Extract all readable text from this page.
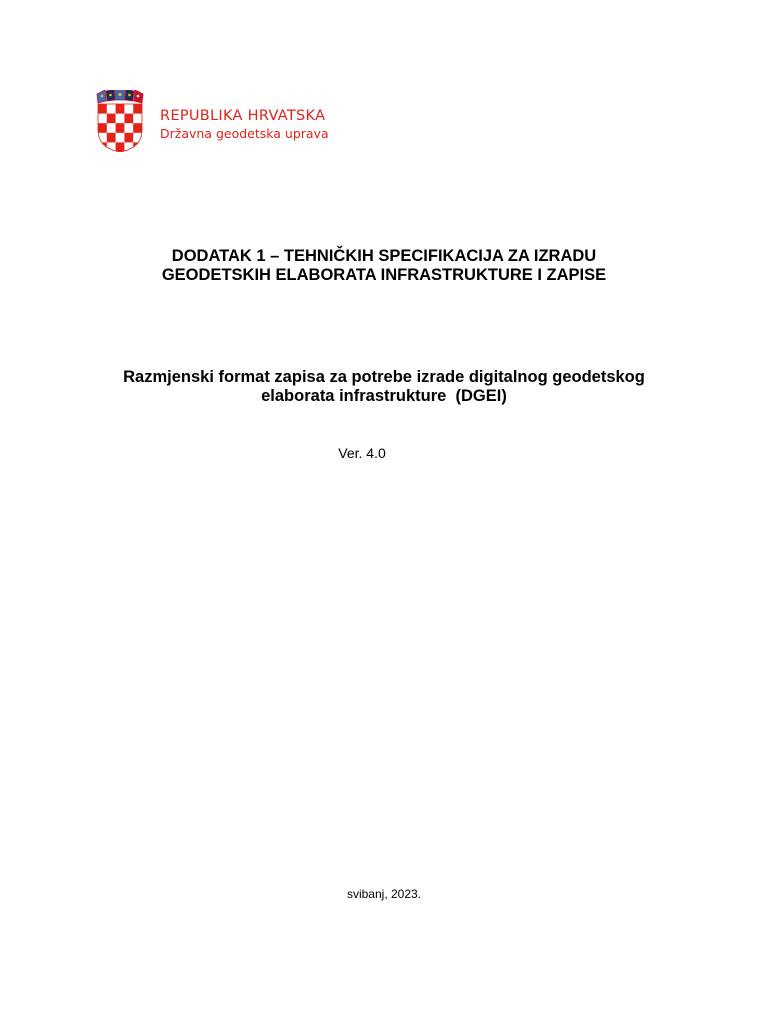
REPUBLIKA HRVATSKA
Državna geodetska uprava
DODATAK 1 – TEHNIČKIH SPECIFIKACIJA ZA IZRADU
GEODETSKIH ELABORATA INFRASTRUKTURE I ZAPISE
Razmjenski format zapisa za potrebe izrade digitalnog geodetskog
elaborata infrastrukture  (DGEI)
Ver. 4.0
svibanj, 2023.
